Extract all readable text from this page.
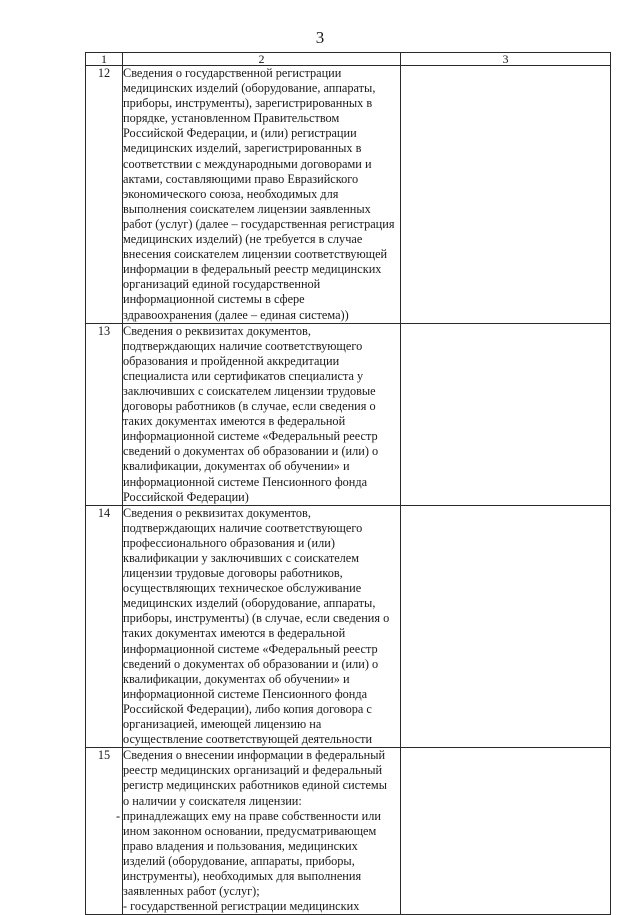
3
1	2	3
12	Сведения о государственной регистрации
медицинских изделий (оборудование, аппараты,
приборы, инструменты), зарегистрированных в
порядке, установленном Правительством
Российской Федерации, и (или) регистрации
медицинских изделий, зарегистрированных в
соответствии с международными договорами и
актами, составляющими право Евразийского
экономического союза, необходимых для
выполнения соискателем лицензии заявленных
работ (услуг) (далее – государственная регистрация
медицинских изделий) (не требуется в случае
внесения соискателем лицензии соответствующей
информации в федеральный реестр медицинских
организаций единой государственной
информационной системы в сфере
здравоохранения (далее – единая система))

13	Сведения о реквизитах документов,
подтверждающих наличие соответствующего
образования и пройденной аккредитации
специалиста или сертификатов специалиста у
заключивших с соискателем лицензии трудовые
договоры работников (в случае, если сведения о
таких документах имеются в федеральной
информационной системе «Федеральный реестр
сведений о документах об образовании и (или) о
квалификации, документах об обучении» и
информационной системе Пенсионного фонда
Российской Федерации)

14	Сведения о реквизитах документов,
подтверждающих наличие соответствующего
профессионального образования и (или)
квалификации у заключивших с соискателем
лицензии трудовые договоры работников,
осуществляющих техническое обслуживание
медицинских изделий (оборудование, аппараты,
приборы, инструменты) (в случае, если сведения о
таких документах имеются в федеральной
информационной системе «Федеральный реестр
сведений о документах об образовании и (или) о
квалификации, документах об обучении» и
информационной системе Пенсионного фонда
Российской Федерации), либо копия договора с
организацией, имеющей лицензию на
осуществление соответствующей деятельности

15	Сведения о внесении информации в федеральный
реестр медицинских организаций и федеральный
регистр медицинских работников единой системы
о наличии у соискателя лицензии:
- принадлежащих ему на праве собственности или
ином законном основании, предусматривающем
право владения и пользования, медицинских
изделий (оборудование, аппараты, приборы,
инструменты), необходимых для выполнения
заявленных работ (услуг);
- государственной регистрации медицинских
